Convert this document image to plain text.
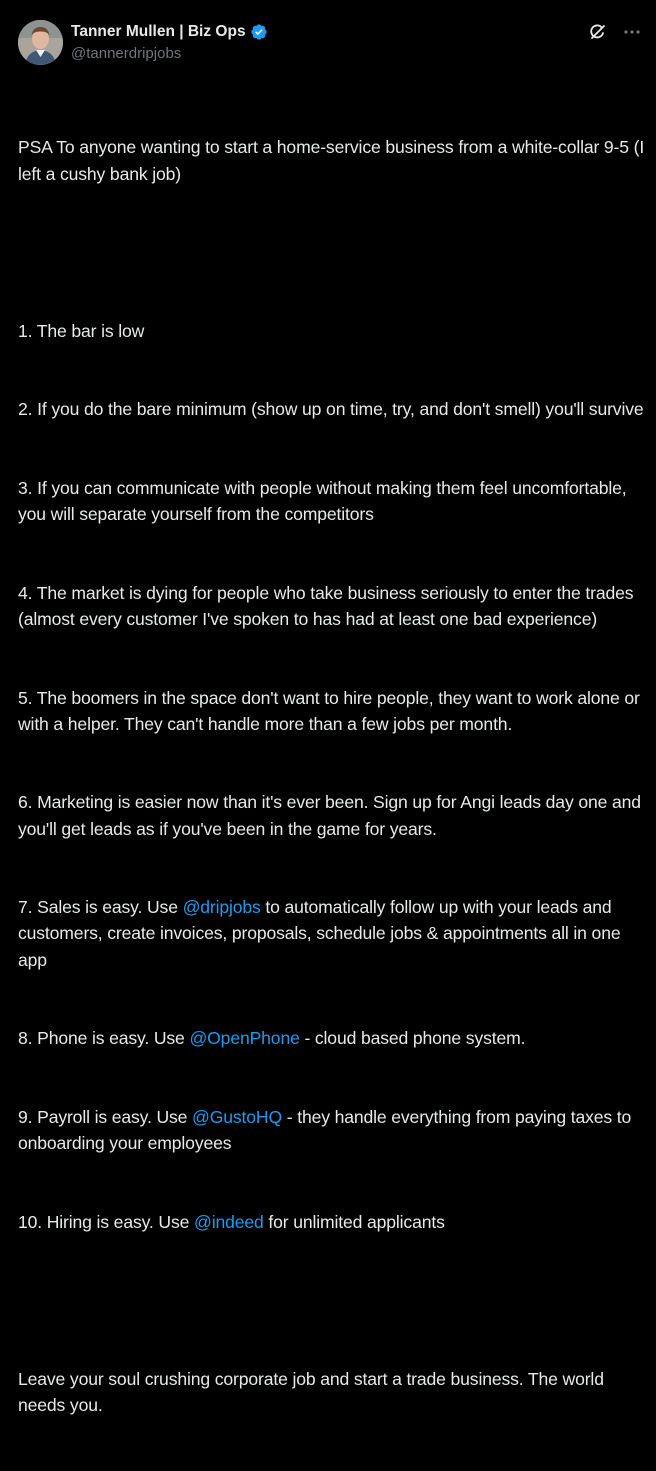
Tanner Mullen | Biz Ops
@tannerdripjobs

PSA To anyone wanting to start a home-service business from a white-collar 9-5 (I left a cushy bank job)

1. The bar is low

2. If you do the bare minimum (show up on time, try, and don't smell) you'll survive

3. If you can communicate with people without making them feel uncomfortable, you will separate yourself from the competitors

4. The market is dying for people who take business seriously to enter the trades (almost every customer I've spoken to has had at least one bad experience)

5. The boomers in the space don't want to hire people, they want to work alone or with a helper. They can't handle more than a few jobs per month.

6. Marketing is easier now than it's ever been. Sign up for Angi leads day one and you'll get leads as if you've been in the game for years.

7. Sales is easy. Use @dripjobs to automatically follow up with your leads and customers, create invoices, proposals, schedule jobs & appointments all in one app

8. Phone is easy. Use @OpenPhone - cloud based phone system.

9. Payroll is easy. Use @GustoHQ - they handle everything from paying taxes to onboarding your employees

10. Hiring is easy. Use @indeed for unlimited applicants

Leave your soul crushing corporate job and start a trade business. The world needs you.
